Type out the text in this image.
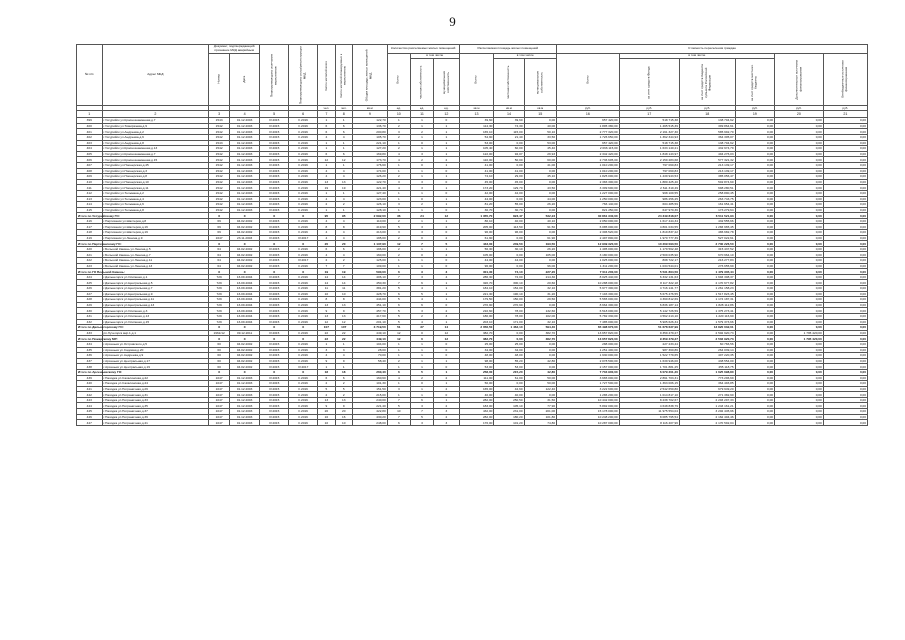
9
№ п/п	Адрес МКД	Документ, подтверждающий признание МКД аварийным		Планируемая дата окончания переселения	Планируемая дата сноса/реконструкции МКД	Число жителей всего	Число жителей планируемых к переселению	Общая площадь жилых помещений МКД	Количество расселяемых жилых помещений			Расселяемая площадь жилых помещений			Стоимость переселения граждан					
		Номер	Дата						Всего	в том числе		Всего	в том числе		Всего	в том числе			Дополнительные источники финансирования	Внебюджетные источники финансирования
										частная собственность	муниципальная собственность		частная собственность	муниципальная собственность		за счет средств Фонда	за счет средств бюджета субъекта Российской Федерации	за счет средств местного бюджета		
						чел.	чел.	кв.м	ед.	ед.	ед.	кв.м	кв.м	кв.м	руб.	руб.	руб.	руб.	руб.	руб.
1	2	3	4	5	6	7	8	9	10	11	12	13	14	15	16	17	18	19	20	21
399	г.Уссурийск ул.Краснознаменная,д.7	1543	01.12.2003	IV.2015	II.2016	1	1	122,70	1	1	0	39,60	39,60	0,00	657 420,00	518 715,38	138 704,62	0,00	0,00	0,00
400	г.Уссурийск ул.Тимирязева,д.9	1542	01.12.2003	IV.2015	II.2016	6	6	136,70	2	1	1	114,30	74,30	40,00	1 895 380,00	1 495 515,39	399 864,61	0,00	0,00	0,00
401	г.Уссурийск ул.Андреева,д.2	1542	01.12.2003	IV.2015	II.2016	6	6	200,80	3	2	1	165,10	115,00	50,10	2 777 320,00	2 191 327,30	585 992,70	0,00	0,00	0,00
402	г.Уссурийск ул.Андреева,д.6	1542	01.12.2003	IV.2015	II.2016	4	4	105,70	2	1	1	54,90	21,40	33,50	1 726 650,00	1 362 344,93	364 305,07	0,00	0,00	0,00
403	г.Уссурийск ул.Андреева,д.8	1543	01.12.2003	IV.2015	II.2016	1	1	221,10	1	0	1	53,00	0,00	53,00	657 420,00	518 715,38	138 704,62	0,00	0,00	0,00
404	г.Уссурийск ул.Краснознаменная,д.13	1542	01.12.2003	IV.2015	II.2016	1	1	127,20	2	1	1	105,40	60,00	45,40	2 066 115,00	1 633 140,21	432 974,79	0,00	0,00	0,00
405	г.Уссурийск ул.Краснознаменная,д.7	1542	01.12.2003	IV.2015	II.2016	6	6	169,80	4	3	1	122,00	92,07	29,93	2 342 420,00	1 848 143,97	494 276,03	0,00	0,00	0,00
406	г.Уссурийск ул.Краснознаменная,д.15	1542	01.12.2003	IV.2015	II.2016	12	12	173,70	4	2	2	110,00	50,00	60,00	2 736 605,00	2 159 283,68	577 321,32	0,00	0,00	0,00
407	г.Уссурийск ул.Пионерская,д.45	1542	01.12.2003	IV.2015	II.2016	1	1	176,60	1	0	1	41,00	0,00	41,00	1 010 200,00	797 060,83	213 139,17	0,00	0,00	0,00
408	г.Уссурийск ул.Пионерская,д.3	1542	01.12.2003	IV.2015	II.2016	4	4	174,00	1	1	0	41,00	41,00	0,00	1 010 200,00	797 060,83	213 139,17	0,00	0,00	0,00
409	г.Уссурийск ул.Пионерская,д.8	1542	01.12.2003	IV.2015	II.2016	4	4	126,20	2	1	1	74,10	29,00	45,10	1 825 000,00	1 439 943,53	385 056,47	0,00	0,00	0,00
410	г.Уссурийск ул.Пионерская,д.10	1542	01.12.2003	IV.2015	II.2016	13	13	122,70	3	3	0	45,00	45,00	0,00	2 383 300,00	1 880 425,40	502 874,60	0,00	0,00	0,00
411	г.Уссурийск ул.Пионерская,д.11	1542	01.12.2003	IV.2015	II.2016	19	19	421,40	4	3	1	173,20	129,70	43,50	3 309 600,00	2 611 319,49	698 280,51	0,00	0,00	0,00
412	г.Уссурийск ул.Тельмана,д.2	1542	01.12.2003	IV.2015	II.2016	1	1	127,40	1	1	0	42,00	42,00	0,00	1 227 000,00	968 109,55	258 890,45	0,00	0,00	0,00
413	г.Уссурийск ул.Тельмана,д.4	1542	01.12.2003	IV.2015	II.2016	4	4	123,00	1	0	1	44,00	0,00	44,00	1 250 000,00	986 256,25	263 743,75	0,00	0,00	0,00
414	г.Уссурийск ул.Тельмана,д.6	1542	01.12.2003	IV.2015	II.2016	2	2	126,10	3	2	1	81,20	55,00	26,20	766 140,00	604 485,59	161 654,41	0,00	0,00	0,00
415	г.Уссурийск ул.Тельмана,д.8	1542	01.12.2003	IV.2015	II.2016	1	1	128,10	1	1	0	30,70	30,70	0,00	821 250,00	647 970,36	173 279,64	0,00	0,00	0,00
Итого по Уссурийскому ГО:		X	X	X	X	95	95	2 692,00	36	24	12	1 355,70	823,47	532,23	30 861 340,00	24 349 818,07	6 511 521,93	0,00	0,00	0,00
416	г.Партизанск ул.Шахтеров,д.8	69	04.02.2002	IV.2015	II.2016	4	4	110,00	2	1	1	80,10	40,00	40,10	2 050 000,00	1 617 444,34	432 555,66	0,00	0,00	0,00
417	г.Партизанск ул.Шахтеров,д.16	69	04.02.2002	IV.2015	II.2016	8	8	419,90	5	3	2	205,00	113,50	91,50	6 085 000,00	4 801 034,55	1 283 965,45	0,00	0,00	0,00
418	г.Партизанск ул.Шахтеров,д.19	69	04.02.2002	IV.2015	II.2016	4	4	413,00	3	3	0	96,00	96,00	0,00	2 306 520,00	1 819 837,22	486 682,78	0,00	0,00	0,00
419	г.Партизанск ул.Ленина,д.9	1647	23.11.2003	IV.2015	IV.2017	4	4	195,00	2	0	2	61,90	0,00	61,90	2 497 800,00	1 970 777,39	527 022,61	0,00	0,00	0,00
Итого по Партизанскому ГО:		X	X	X	X	20	20	1 137,90	12	7	5	443,00	249,50	193,50	12 939 320,00	10 209 093,50	2 730 226,50	0,00	0,00	0,00
420	г.Большой Камень ул.Ленина,д.5	64	04.02.2002	IV.2015	II.2016	6	6	196,00	2	1	1	56,30	30,10	26,20	1 495 000,00	1 179 562,48	315 437,52	0,00	0,00	0,00
421	г.Большой Камень ул.Ленина,д.7	64	04.02.2002	IV.2015	II.2016	4	4	160,00	2	0	2	105,00	0,00	105,00	3 180 000,00	2 509 035,90	670 964,10	0,00	0,00	0,00
422	г.Большой Камень ул.Ленина,д.11	64	04.02.2002	IV.2015	IV.2017	2	2	125,00	1	1	0	44,00	44,00	0,00	1 025 000,00	808 722,17	216 277,83	0,00	0,00	0,00
423	г.Большой Камень ул.Ленина,д.13	64	04.02.2002	IV.2015	II.2016	7	7	109,00	1	1	0	96,00	0,00	96,00	1 311 200,00	1 034 544,01	276 655,99	0,00	0,00	0,00
Итого по ГО Большой Камень:		X	X	X	X	19	19	590,00	6	3	3	301,30	74,10	227,20	7 011 200,00	5 531 864,56	1 479 335,44	0,00	0,00	0,00
424	г.Дальнегорск ул.Осипенко,д.1	729	16.09.2004	IV.2015	II.2016	14	14	406,10	7	3	4	286,30	72,00	214,30	8 025 440,00	6 332 131,63	1 693 308,37	0,00	0,00	0,00
425	г.Дальнегорск ул.Центральная,д.5	729	16.09.2004	IV.2015	II.2016	14	14	450,30	7	6	1	320,70	300,10	20,60	10 288 000,00	8 117 322,18	2 170 677,82	0,00	0,00	0,00
426	г.Дальнегорск ул.Центральная,д.7	729	16.09.2004	IV.2015	II.2016	11	11	381,20	5	4	1	184,10	152,00	32,10	5 977 300,00	4 716 141,77	1 261 158,23	0,00	0,00	0,00
427	г.Дальнегорск ул.Центральная,д.9	729	16.09.2004	IV.2015	II.2016	10	10	428,70	6	5	1	221,30	190,10	31,20	7 193 300,00	5 675 476,55	1 517 823,45	0,00	0,00	0,00
428	г.Дальнегорск ул.Центральная,д.11	729	16.09.2004	IV.2015	II.2016	8	8	444,00	5	4	1	179,50	150,00	29,50	5 565 000,00	4 390 812,69	1 174 187,31	0,00	0,00	0,00
429	г.Дальнегорск ул.Центральная,д.13	729	16.09.2004	IV.2015	II.2016	13	13	451,10	6	6	0	270,90	270,90	0,00	8 664 300,00	6 836 187,14	1 828 112,86	0,00	0,00	0,00
430	г.Дальнегорск ул.Осипенко,д.3	729	16.09.2004	IV.2015	II.2016	9	9	457,70	5	3	2	210,60	78,00	132,60	6 518 000,00	5 142 726,59	1 375 273,41	0,00	0,00	0,00
431	г.Дальнегорск ул.Осипенко,д.13	729	16.09.2004	IV.2015	II.2016	13	13	417,60	5	2	3	180,00	78,00	102,00	5 782 330,00	4 562 213,10	1 220 116,90	0,00	0,00	0,00
432	г.Дальнегорск ул.Осипенко,д.15	729	16.09.2004	IV.2015	II.2016	12	12	201,10	5	4	1	203,10	171,00	32,10	7 485 000,00	5 905 626,34	1 579 373,66	0,00	0,00	0,00
Итого по Дальнегорскому ГО:		X	X	X	X	107	107	3 719,50	51	37	14	2 056,50	1 462,10	594,40	65 498 670,00	51 678 637,99	13 820 032,01	0,00	0,00	0,00
433	рп.Лучегорск мкр.1,д.1	1961/12	09.12.2011	IV.2015	II.2016	22	22	449,10	12	0	12	382,70	0,00	382,70	13 657 820,00	9 359 479,27	2 502 920,73	0,00	1 795 420,00	0,00
Итого по Пожарскому МР:		X	X	X	X	22	22	449,10	12	0	12	382,70	0,00	382,70	13 657 820,00	9 359 479,27	2 502 920,73	0,00	1 795 420,00	0,00
434	г.Арсеньев ул.Островского,д.5	60	04.02.2002	IV.2015	II.2016	1	1	104,00	1	1	0	25,00	25,00	0,00	288 000,00	227 233,44	60 766,56	0,00	0,00	0,00
435	г.Арсеньев ул.Садовая,д.20	60	04.02.2002	IV.2015	II.2016	3	3	28,00	1	1	0	34,00	34,00	0,00	1 251 400,00	987 360,86	264 039,14	0,00	0,00	0,00
436	г.Арсеньев ул.Андреева,д.9	60	04.02.2002	IV.2015	II.2016	4	4	70,00	1	1	0	48,00	48,00	0,00	1 930 000,00	1 522 779,65	407 220,35	0,00	0,00	0,00
437	г.Арсеньев ул.Центральная,д.17	60	04.02.2002	IV.2015	II.2016	9	9	58,40	2	1	1	98,00	55,20	42,80	2 078 500,00	1 639 946,00	438 554,00	0,00	0,00	0,00
438	г.Арсеньев ул.Центральная,д.19	60	04.02.2002	IV.2015	IV.2017	1	1		1	1	0	53,00	53,00	0,00	2 157 000,00	1 701 881,25	455 118,75	0,00	0,00	0,00
Итого по Арсеньевскому ГО:		X	X	X	X	18	18	260,40	6	5	1	258,00	215,20	42,80	7 704 900,00	6 079 201,20	1 625 698,80	0,00	0,00	0,00
439	г.Находка ул.Сахалинская,д.22	1047	01.12.2003	IV.2015	II.2016	6	6	160,60	4	2	2	111,00	61,00	50,00	3 665 000,00	2 891 703,31	773 296,69	0,00	0,00	0,00
440	г.Находка ул.Сахалинская,д.24	1047	01.12.2003	IV.2015	II.2016	2	2	101,30	1	0	1	50,00	0,00	50,00	1 727 500,00	1 363 006,15	364 493,85	0,00	0,00	0,00
441	г.Находка ул.Пограничная,д.29	1047	01.12.2003	IV.2015	II.2016	5	5	151,50	3	1	2	165,00	42,60	122,40	3 222 600,00	2 542 650,80	679 949,20	0,00	0,00	0,00
442	г.Находка ул.Пограничная,д.31	1047	01.12.2003	IV.2015	II.2016	2	2	215,00	1	1	0	40,00	40,00	0,00	1 286 200,00	1 014 817,10	271 382,90	0,00	0,00	0,00
443	г.Находка ул.Пограничная,д.33	1047	01.12.2003	IV.2015	II.2016	13	13	240,00	7	6	1	282,00	250,50	31,50	10 442 000,00	8 238 702,67	2 203 297,33	0,00	0,00	0,00
444	г.Находка ул.Пограничная,д.35	1047	01.12.2003	IV.2015	II.2016	9	9	221,40	5	3	2	183,00	105,10	77,90	5 892 000,00	4 648 838,79	1 243 161,21	0,00	0,00	0,00
445	г.Находка ул.Пограничная,д.37	1047	01.12.2003	IV.2015	II.2016	20	20	422,80	10	7	3	432,00	231,00	201,00	15 178 000,00	11 975 554,04	3 202 445,96	0,00	0,00	0,00
446	г.Находка ул.Пограничная,д.39	1047	01.12.2003	IV.2015	II.2016	16	16	430,20	7	5	2	282,00	180,20	101,80	10 248 200,00	8 085 795,54	2 162 404,46	0,00	0,00	0,00
447	г.Находка ул.Пограничная,д.41	1047	01.12.2003	IV.2015	II.2016	10	10	248,00	6	3	3	176,00	101,20	74,80	10 287 000,00	8 116 407,96	2 170 592,04	0,00	0,00	0,00
